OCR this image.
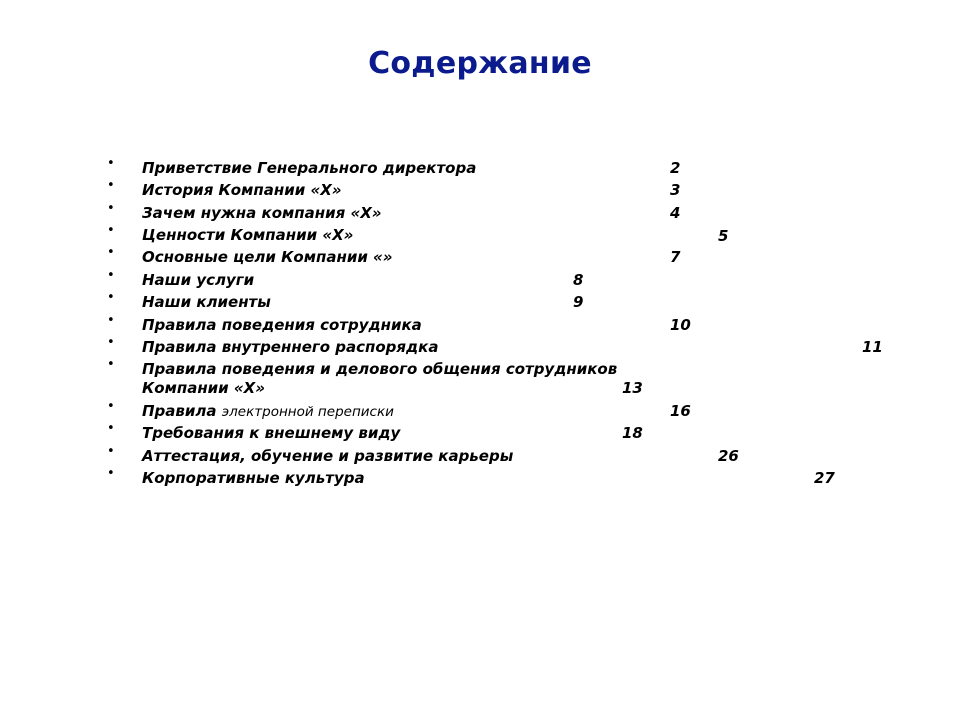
Содержание
• Приветствие Генерального директора	2
• История Компании «Х»	3
• Зачем нужна компания «Х»	4
• Ценности Компании «Х»	5
• Основные цели Компании «»	7
• Наши услуги	8
• Наши клиенты	9
• Правила поведения сотрудника	10
• Правила внутреннего распорядка	11
• Правила поведения и делового общения сотрудников
Компании «Х»	13
• Правила электронной переписки	16
• Требования к внешнему виду	18
• Аттестация, обучение и развитие карьеры	26
• Корпоративные культура	27
